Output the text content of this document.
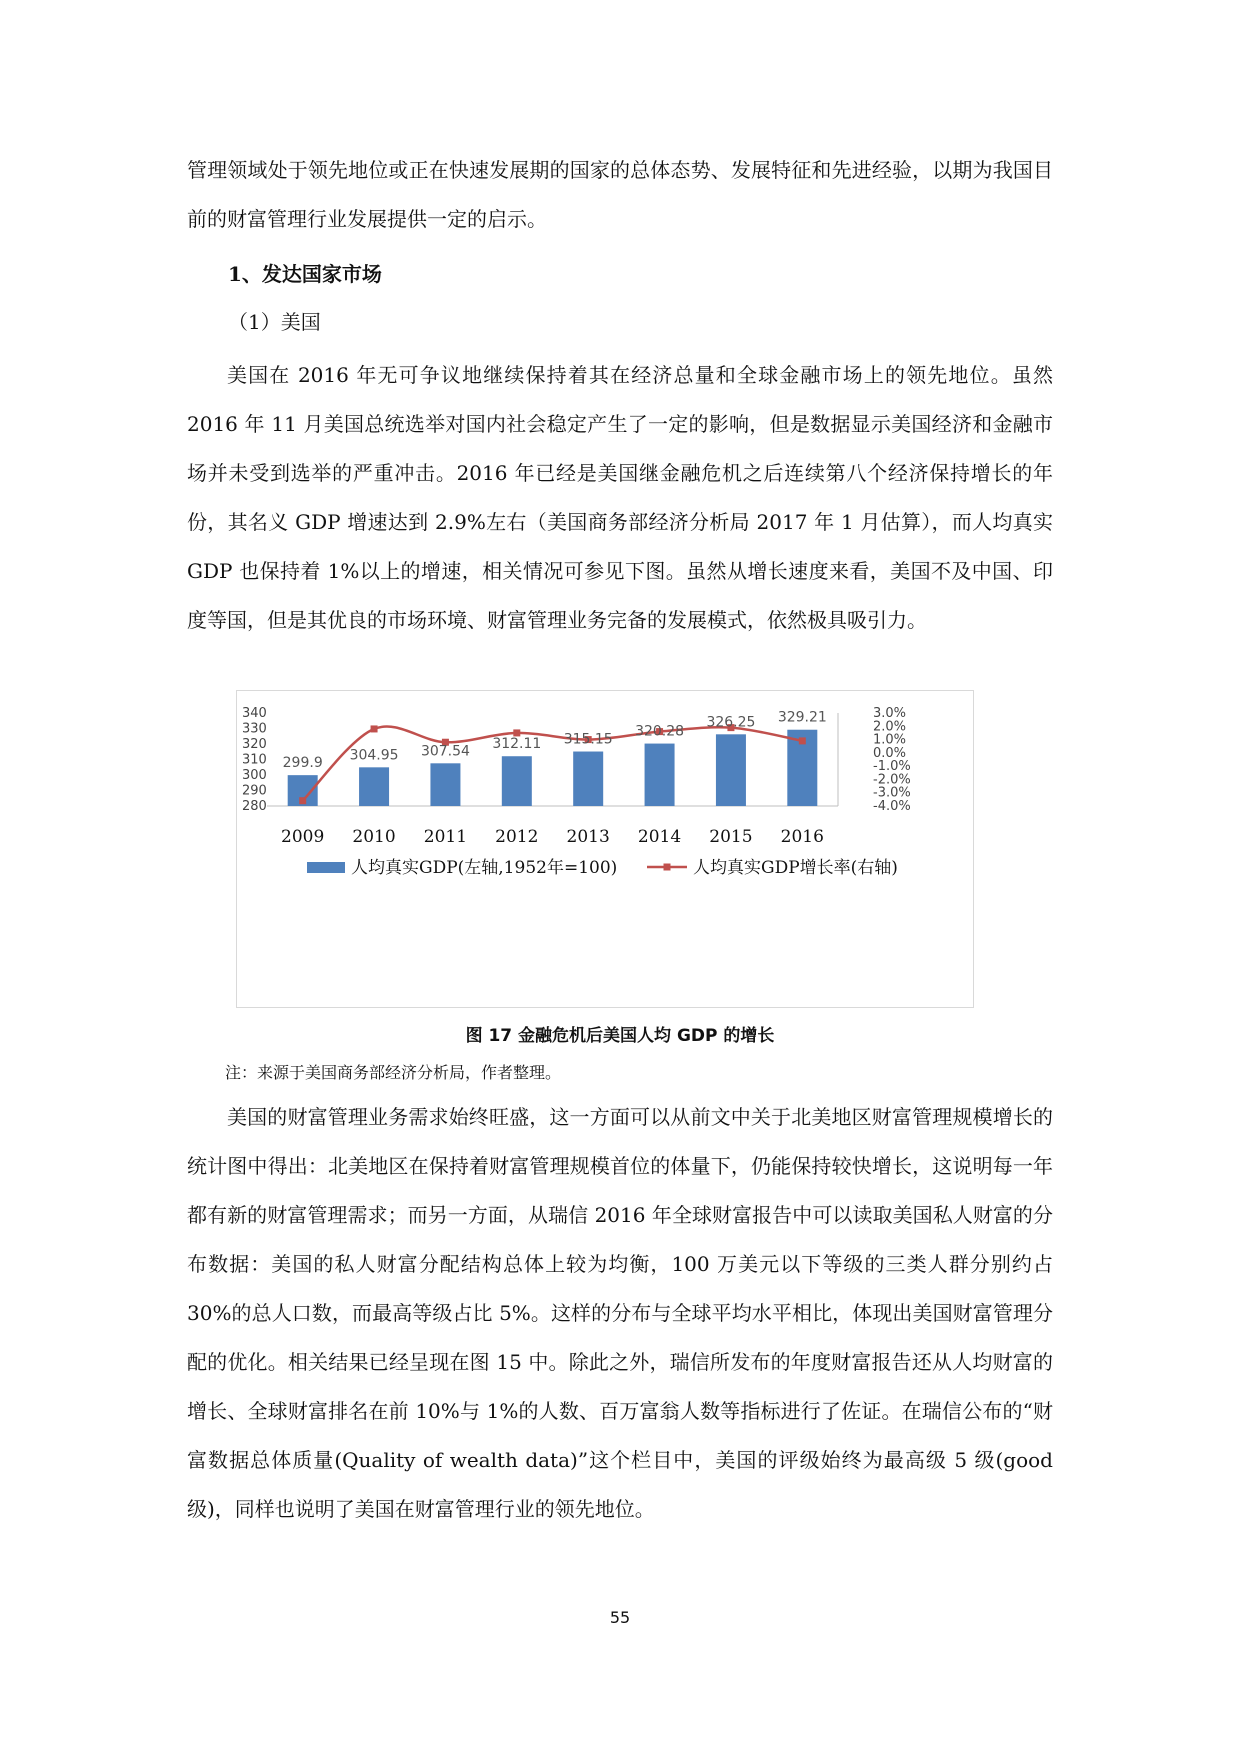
管理领域处于领先地位或正在快速发展期的国家的总体态势、发展特征和先进经验，以期为我国目前的财富管理行业发展提供一定的启示。

1、发达国家市场

（1）美国

美国在 2016 年无可争议地继续保持着其在经济总量和全球金融市场上的领先地位。虽然 2016 年 11 月美国总统选举对国内社会稳定产生了一定的影响，但是数据显示美国经济和金融市场并未受到选举的严重冲击。2016 年已经是美国继金融危机之后连续第八个经济保持增长的年份，其名义 GDP 增速达到 2.9%左右（美国商务部经济分析局 2017 年 1 月估算），而人均真实 GDP 也保持着 1%以上的增速，相关情况可参见下图。虽然从增长速度来看，美国不及中国、印度等国，但是其优良的市场环境、财富管理业务完备的发展模式，依然极具吸引力。

340
330
320
310
300
290
280
3.0%
2.0%
1.0%
0.0%
-1.0%
-2.0%
-3.0%
-4.0%
299.9
2009
304.95
2010
307.54
2011
312.11
2012
315.15
2013
320.28
2014
326.25
2015
329.21
2016
人均真实GDP(左轴,1952年=100)	人均真实GDP增长率(右轴)

图 17 金融危机后美国人均 GDP 的增长

注：来源于美国商务部经济分析局，作者整理。

美国的财富管理业务需求始终旺盛，这一方面可以从前文中关于北美地区财富管理规模增长的统计图中得出：北美地区在保持着财富管理规模首位的体量下，仍能保持较快增长，这说明每一年都有新的财富管理需求；而另一方面，从瑞信 2016 年全球财富报告中可以读取美国私人财富的分布数据：美国的私人财富分配结构总体上较为均衡，100 万美元以下等级的三类人群分别约占 30%的总人口数，而最高等级占比 5%。这样的分布与全球平均水平相比，体现出美国财富管理分配的优化。相关结果已经呈现在图 15 中。除此之外，瑞信所发布的年度财富报告还从人均财富的增长、全球财富排名在前 10%与 1%的人数、百万富翁人数等指标进行了佐证。在瑞信公布的“财富数据总体质量(Quality of wealth data)”这个栏目中，美国的评级始终为最高级 5 级(good 级)，同样也说明了美国在财富管理行业的领先地位。

55
